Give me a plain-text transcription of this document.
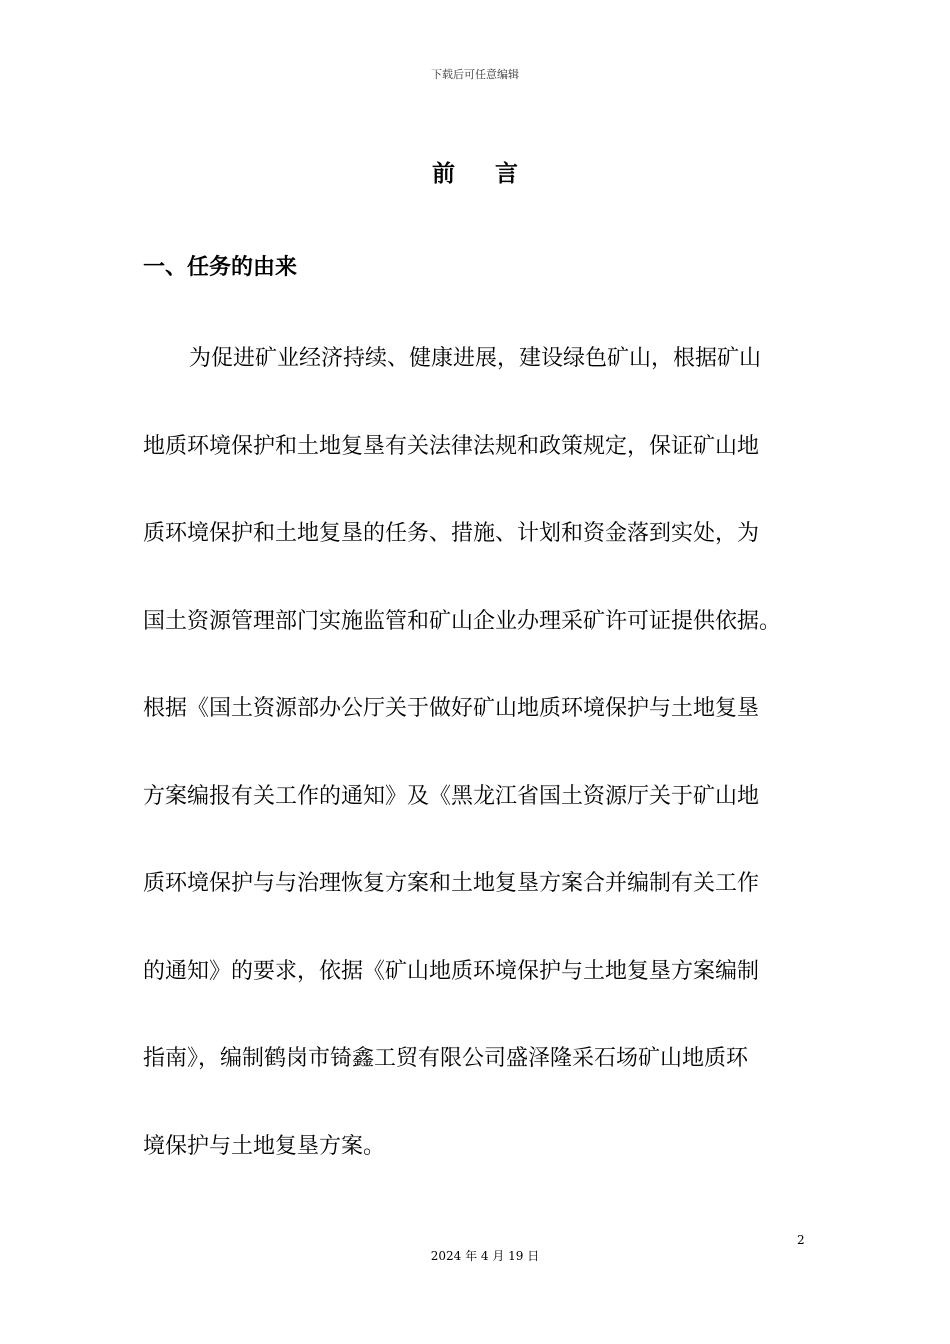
下载后可任意编辑
前 言
一、任务的由来
为促进矿业经济持续、健康进展，建设绿色矿山，根据矿山
地质环境保护和土地复垦有关法律法规和政策规定，保证矿山地
质环境保护和土地复垦的任务、措施、计划和资金落到实处，为
国土资源管理部门实施监管和矿山企业办理采矿许可证提供依据。
根据《国土资源部办公厅关于做好矿山地质环境保护与土地复垦
方案编报有关工作的通知》及《黑龙江省国土资源厅关于矿山地
质环境保护与与治理恢复方案和土地复垦方案合并编制有关工作
的通知》的要求，依据《矿山地质环境保护与土地复垦方案编制
指南》，编制鹤岗市锜鑫工贸有限公司盛泽隆采石场矿山地质环
境保护与土地复垦方案。
2
2024 年 4 月 19 日
